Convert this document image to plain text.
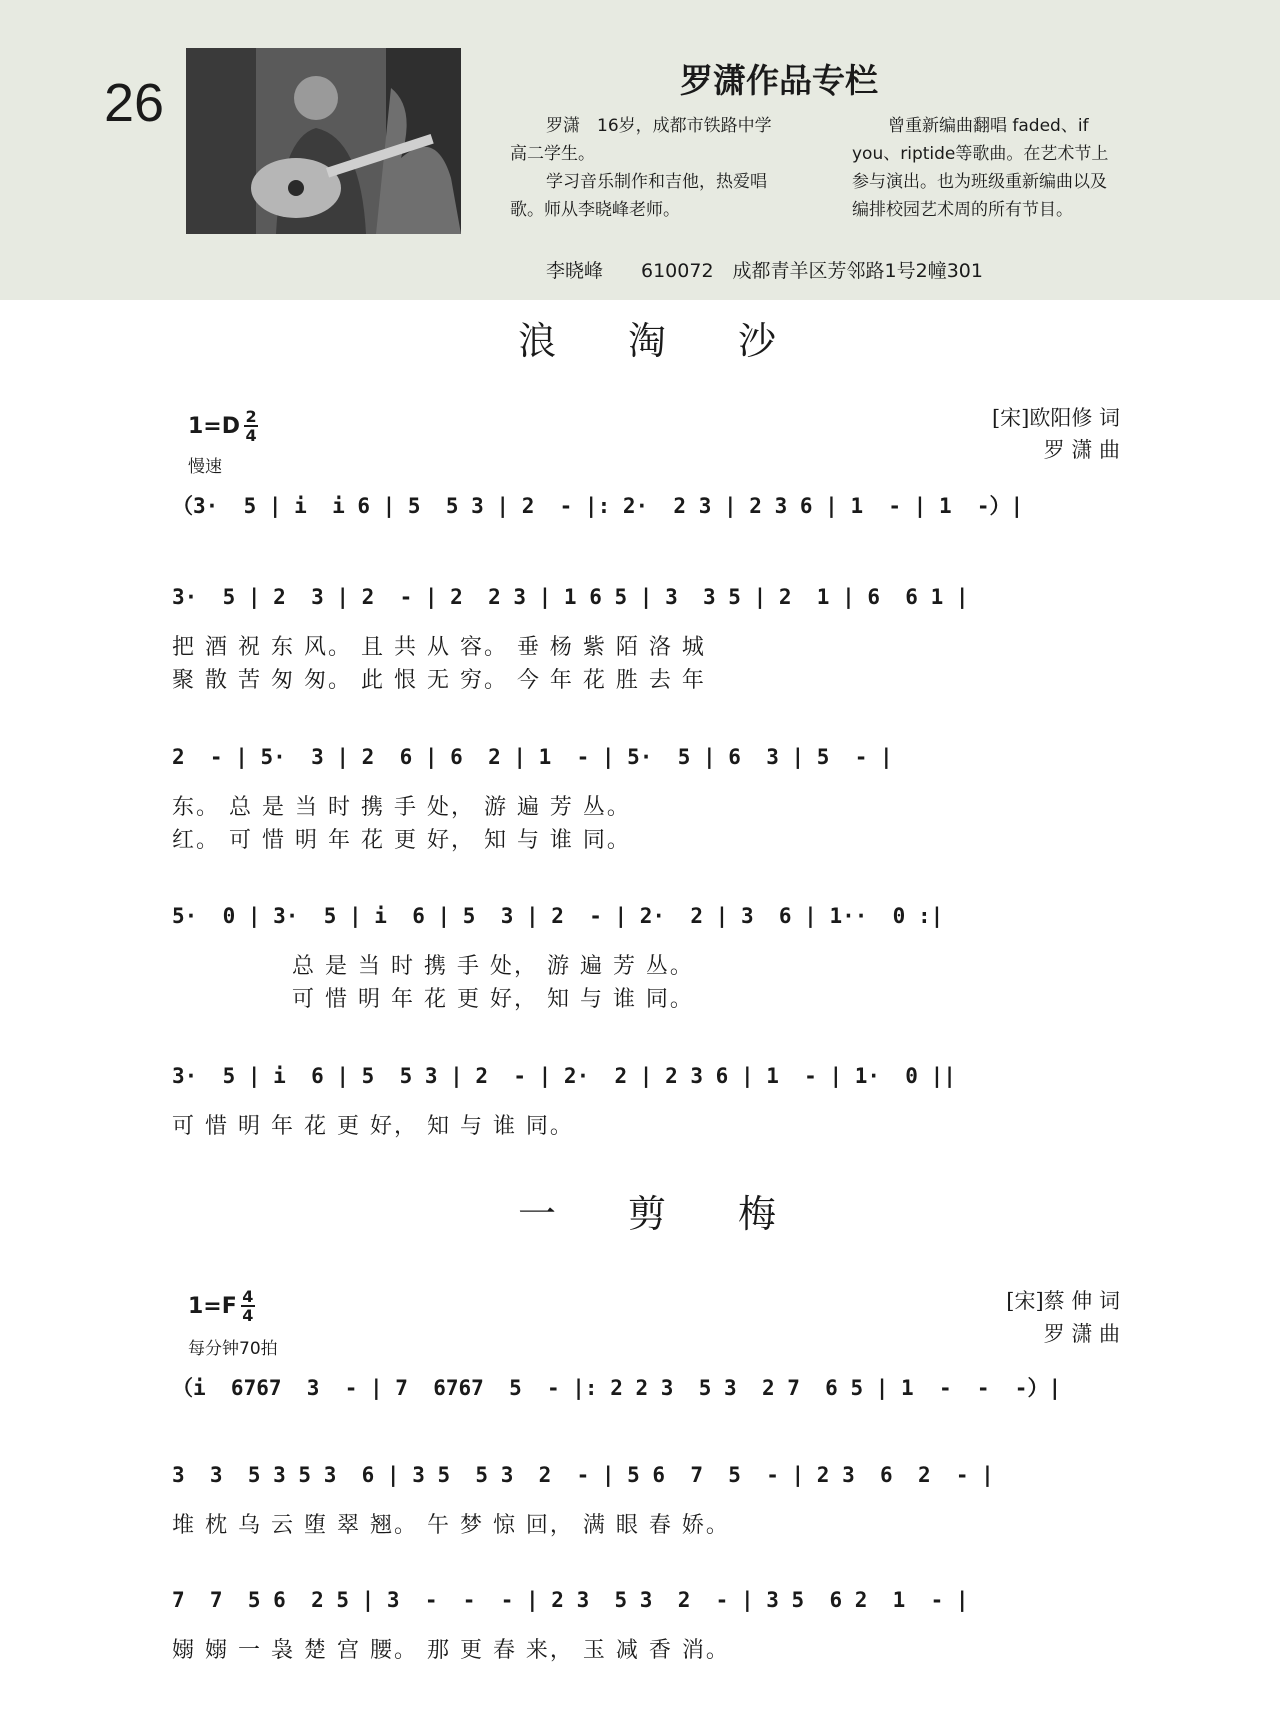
26	罗潇作品专栏

罗潇　16岁，成都市铁路中学

高二学生。

学习音乐制作和吉他，热爱唱

歌。师从李晓峰老师。

曾重新编曲翻唱 faded、if

you、riptide等歌曲。在艺术节上

参与演出。也为班级重新编曲以及

编排校园艺术周的所有节目。

李晓峰　　610072　成都青羊区芳邻路1号2幢301
浪淘沙
$1=D \frac{2}{4}$
慢速
[宋]欧阳修 词
罗 潇 曲
（3·  5 | i  i 6 | 5  5 3 | 2  - |: 2·  2 3 | 2 3 6 | 1  - | 1  -）|
3·  5 | 2  3 | 2  - | 2  2 3 | 1 6 5 | 3  3 5 | 2  1 | 6  6 1 |
把 酒 祝 东 风。 且 共 从 容。 垂 杨 紫 陌 洛 城
聚 散 苦 匆 匆。 此 恨 无 穷。 今 年 花 胜 去 年
2  - | 5·  3 | 2  6 | 6  2 | 1  - | 5·  5 | 6  3 | 5  - |
东。 总 是 当 时 携 手 处， 游 遍 芳 丛。
红。 可 惜 明 年 花 更 好， 知 与 谁 同。
5·  0 | 3·  5 | i  6 | 5  3 | 2  - | 2·  2 | 3  6 | 1··  0 :|
总 是 当 时 携 手 处， 游 遍 芳 丛。
可 惜 明 年 花 更 好， 知 与 谁 同。
3·  5 | i  6 | 5  5 3 | 2  - | 2·  2 | 2 3 6 | 1  - | 1·  0 ||
可 惜 明 年 花 更 好， 知 与 谁 同。
一剪梅
$1=F \frac{4}{4}$
每分钟70拍
[宋]蔡 伸 词
罗 潇 曲
（i  6767  3  - | 7  6767  5  - |: 2 2 3  5 3  2 7  6 5 | 1  -  -  -）|
3  3  5 3 5 3  6 | 3 5  5 3  2  - | 5 6  7  5  - | 2 3  6  2  - |
堆 枕 乌 云 堕 翠 翘。 午 梦 惊 回， 满 眼 春 娇。
7  7  5 6  2 5 | 3  -  -  - | 2 3  5 3  2  - | 3 5  6 2  1  - |
嫋 嫋 一 袅 楚 宫 腰。 那 更 春 来， 玉 减 香 消。
